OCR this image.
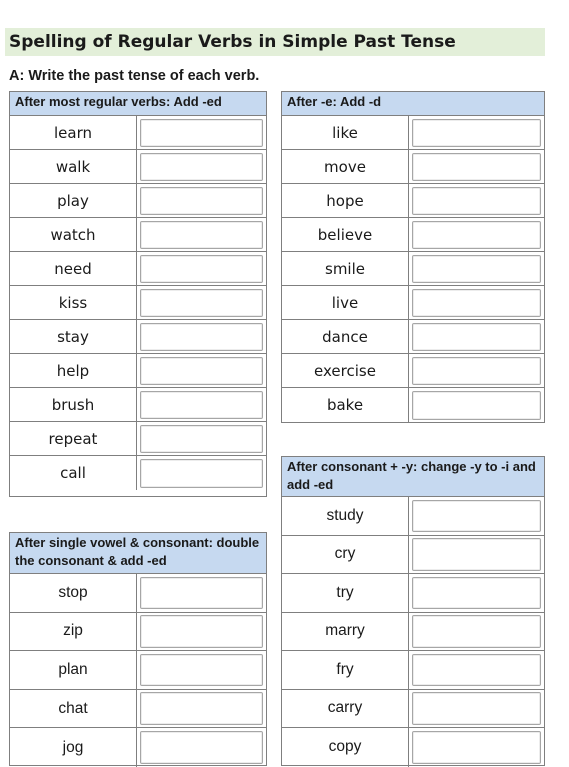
Spelling of Regular Verbs in Simple Past Tense
A: Write the past tense of each verb.
After most regular verbs: Add -ed
learn
walk
play
watch
need
kiss
stay
help
brush
repeat
call
After -e: Add -d
like
move
hope
believe
smile
live
dance
exercise
bake
After single vowel & consonant: double the consonant & add -ed
stop
zip
plan
chat
jog
After consonant + -y: change -y to -i and add -ed
study
cry
try
marry
fry
carry
copy
